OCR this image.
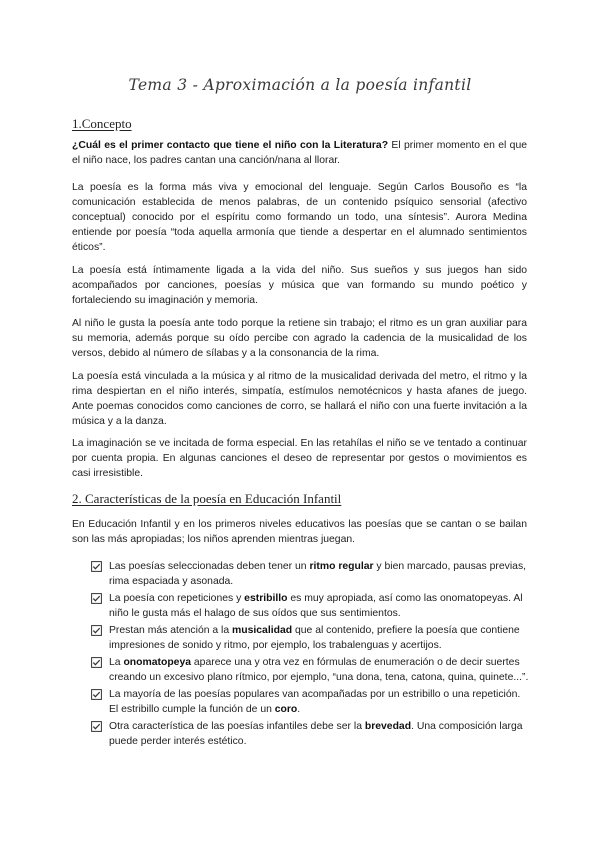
Tema 3 - Aproximación a la poesía infantil
1.Concepto

¿Cuál es el primer contacto que tiene el niño con la Literatura? El primer momento en el que el niño nace, los padres cantan una canción/nana al llorar.

La poesía es la forma más viva y emocional del lenguaje. Según Carlos Bousoño es “la comunicación establecida de menos palabras, de un contenido psíquico sensorial (afectivo conceptual) conocido por el espíritu como formando un todo, una síntesis”. Aurora Medina entiende por poesía “toda aquella armonía que tiende a despertar en el alumnado sentimientos éticos”.

La poesía está íntimamente ligada a la vida del niño. Sus sueños y sus juegos han sido acompañados por canciones, poesías y música que van formando su mundo poético y fortaleciendo su imaginación y memoria.

Al niño le gusta la poesía ante todo porque la retiene sin trabajo; el ritmo es un gran auxiliar para su memoria, además porque su oído percibe con agrado la cadencia de la musicalidad de los versos, debido al número de sílabas y a la consonancia de la rima.

La poesía está vinculada a la música y al ritmo de la musicalidad derivada del metro, el ritmo y la rima despiertan en el niño interés, simpatía, estímulos nemotécnicos y hasta afanes de juego. Ante poemas conocidos como canciones de corro, se hallará el niño con una fuerte invitación a la música y a la danza.

La imaginación se ve incitada de forma especial. En las retahílas el niño se ve tentado a continuar por cuenta propia. En algunas canciones el deseo de representar por gestos o movimientos es casi irresistible.

2. Características de la poesía en Educación Infantil

En Educación Infantil y en los primeros niveles educativos las poesías que se cantan o se bailan son las más apropiadas; los niños aprenden mientras juegan.

Las poesías seleccionadas deben tener un ritmo regular y bien marcado, pausas previas, rima espaciada y asonada.
La poesía con repeticiones y estribillo es muy apropiada, así como las onomatopeyas. Al niño le gusta más el halago de sus oídos que sus sentimientos.
Prestan más atención a la musicalidad que al contenido, prefiere la poesía que contiene impresiones de sonido y ritmo, por ejemplo, los trabalenguas y acertijos.
La onomatopeya aparece una y otra vez en fórmulas de enumeración o de decir suertes creando un excesivo plano rítmico, por ejemplo, “una dona, tena, catona, quina, quinete...”.
La mayoría de las poesías populares van acompañadas por un estribillo o una repetición. El estribillo cumple la función de un coro.
Otra característica de las poesías infantiles debe ser la brevedad. Una composición larga puede perder interés estético.
